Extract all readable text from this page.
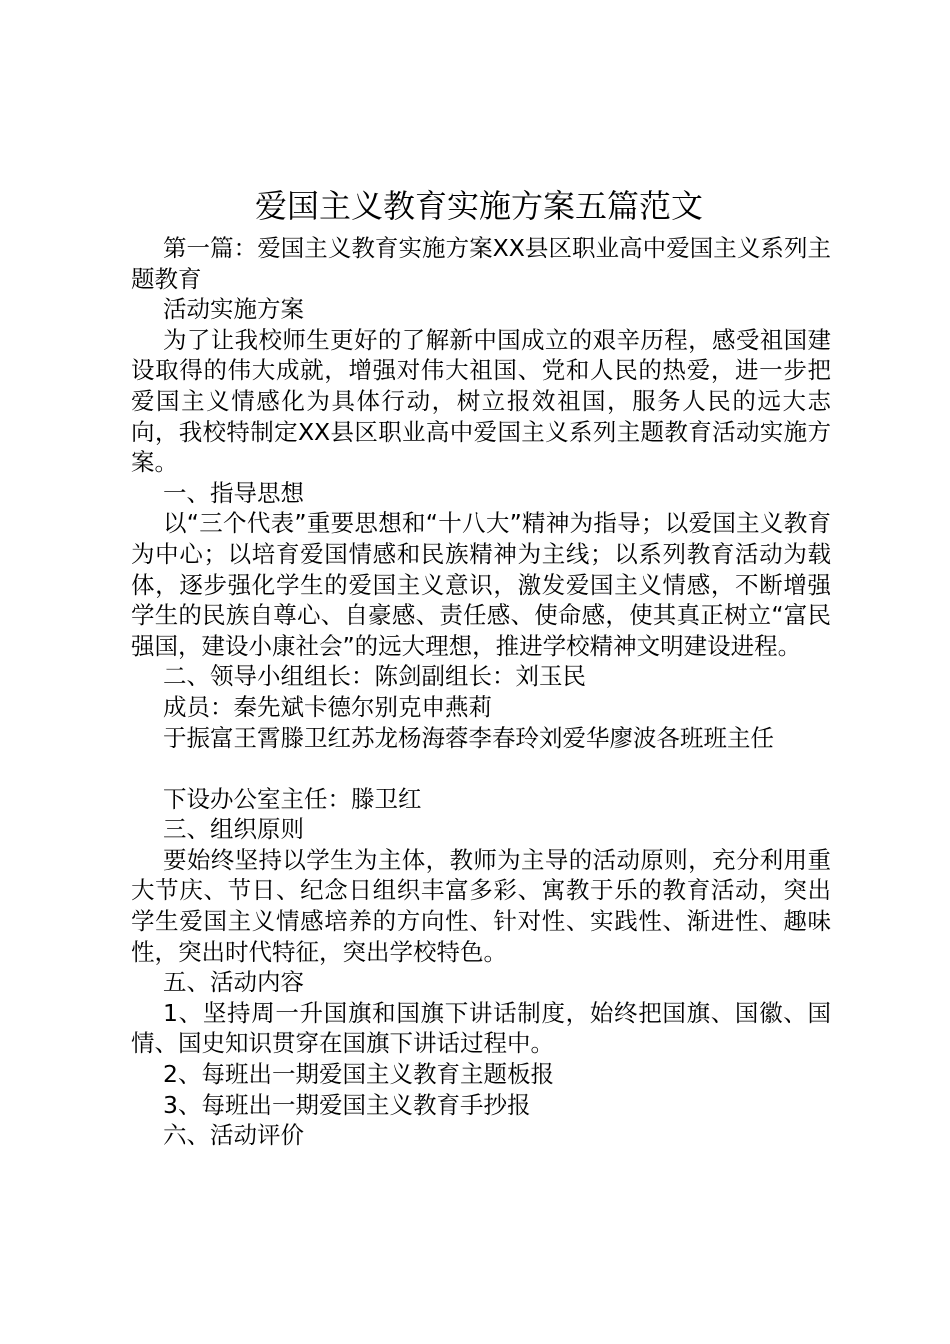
爱国主义教育实施方案五篇范文

第一篇：爱国主义教育实施方案XX县区职业高中爱国主义系列主题教育

活动实施方案

为了让我校师生更好的了解新中国成立的艰辛历程，感受祖国建设取得的伟大成就，增强对伟大祖国、党和人民的热爱，进一步把爱国主义情感化为具体行动，树立报效祖国，服务人民的远大志向，我校特制定XX县区职业高中爱国主义系列主题教育活动实施方案。

一、指导思想

以“三个代表”重要思想和“十八大”精神为指导；以爱国主义教育为中心；以培育爱国情感和民族精神为主线；以系列教育活动为载体，逐步强化学生的爱国主义意识，激发爱国主义情感，不断增强学生的民族自尊心、自豪感、责任感、使命感，使其真正树立“富民强国，建设小康社会”的远大理想，推进学校精神文明建设进程。

二、领导小组组长：陈剑副组长：刘玉民

成员：秦先斌卡德尔别克申燕莉

于振富王霄滕卫红苏龙杨海蓉李春玲刘爱华廖波各班班主任

下设办公室主任：滕卫红

三、组织原则

要始终坚持以学生为主体，教师为主导的活动原则，充分利用重大节庆、节日、纪念日组织丰富多彩、寓教于乐的教育活动，突出学生爱国主义情感培养的方向性、针对性、实践性、渐进性、趣味性，突出时代特征，突出学校特色。

五、活动内容

1、坚持周一升国旗和国旗下讲话制度，始终把国旗、国徽、国情、国史知识贯穿在国旗下讲话过程中。

2、每班出一期爱国主义教育主题板报

3、每班出一期爱国主义教育手抄报

六、活动评价
